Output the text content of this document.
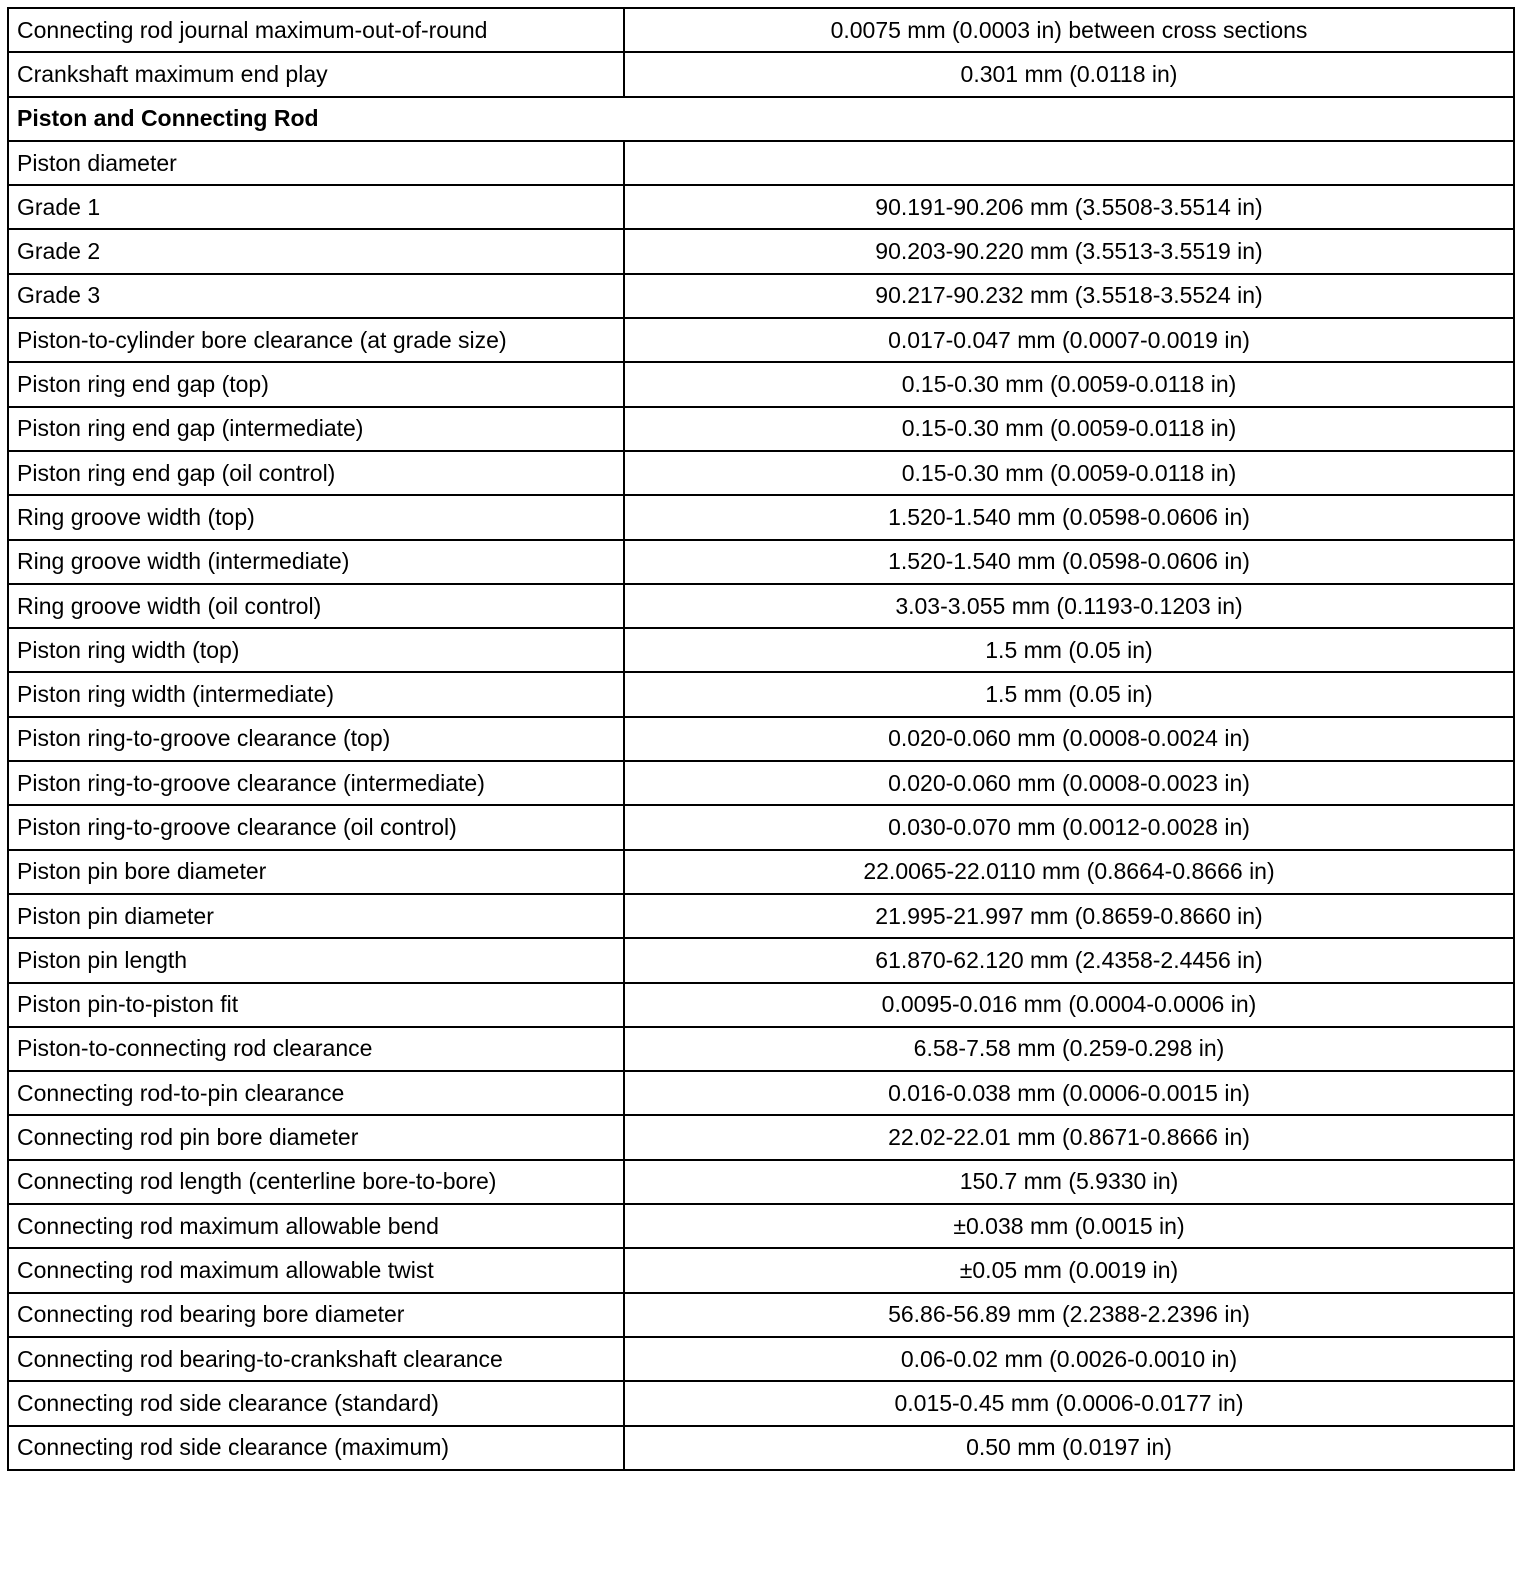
Connecting rod journal maximum-out-of-round	0.0075 mm (0.0003 in) between cross sections
Crankshaft maximum end play	0.301 mm (0.0118 in)
Piston and Connecting Rod	
Piston diameter	
Grade 1	90.191-90.206 mm (3.5508-3.5514 in)
Grade 2	90.203-90.220 mm (3.5513-3.5519 in)
Grade 3	90.217-90.232 mm (3.5518-3.5524 in)
Piston-to-cylinder bore clearance (at grade size)	0.017-0.047 mm (0.0007-0.0019 in)
Piston ring end gap (top)	0.15-0.30 mm (0.0059-0.0118 in)
Piston ring end gap (intermediate)	0.15-0.30 mm (0.0059-0.0118 in)
Piston ring end gap (oil control)	0.15-0.30 mm (0.0059-0.0118 in)
Ring groove width (top)	1.520-1.540 mm (0.0598-0.0606 in)
Ring groove width (intermediate)	1.520-1.540 mm (0.0598-0.0606 in)
Ring groove width (oil control)	3.03-3.055 mm (0.1193-0.1203 in)
Piston ring width (top)	1.5 mm (0.05 in)
Piston ring width (intermediate)	1.5 mm (0.05 in)
Piston ring-to-groove clearance (top)	0.020-0.060 mm (0.0008-0.0024 in)
Piston ring-to-groove clearance (intermediate)	0.020-0.060 mm (0.0008-0.0023 in)
Piston ring-to-groove clearance (oil control)	0.030-0.070 mm (0.0012-0.0028 in)
Piston pin bore diameter	22.0065-22.0110 mm (0.8664-0.8666 in)
Piston pin diameter	21.995-21.997 mm (0.8659-0.8660 in)
Piston pin length	61.870-62.120 mm (2.4358-2.4456 in)
Piston pin-to-piston fit	0.0095-0.016 mm (0.0004-0.0006 in)
Piston-to-connecting rod clearance	6.58-7.58 mm (0.259-0.298 in)
Connecting rod-to-pin clearance	0.016-0.038 mm (0.0006-0.0015 in)
Connecting rod pin bore diameter	22.02-22.01 mm (0.8671-0.8666 in)
Connecting rod length (centerline bore-to-bore)	150.7 mm (5.9330 in)
Connecting rod maximum allowable bend	±0.038 mm (0.0015 in)
Connecting rod maximum allowable twist	±0.05 mm (0.0019 in)
Connecting rod bearing bore diameter	56.86-56.89 mm (2.2388-2.2396 in)
Connecting rod bearing-to-crankshaft clearance	0.06-0.02 mm (0.0026-0.0010 in)
Connecting rod side clearance (standard)	0.015-0.45 mm (0.0006-0.0177 in)
Connecting rod side clearance (maximum)	0.50 mm (0.0197 in)
